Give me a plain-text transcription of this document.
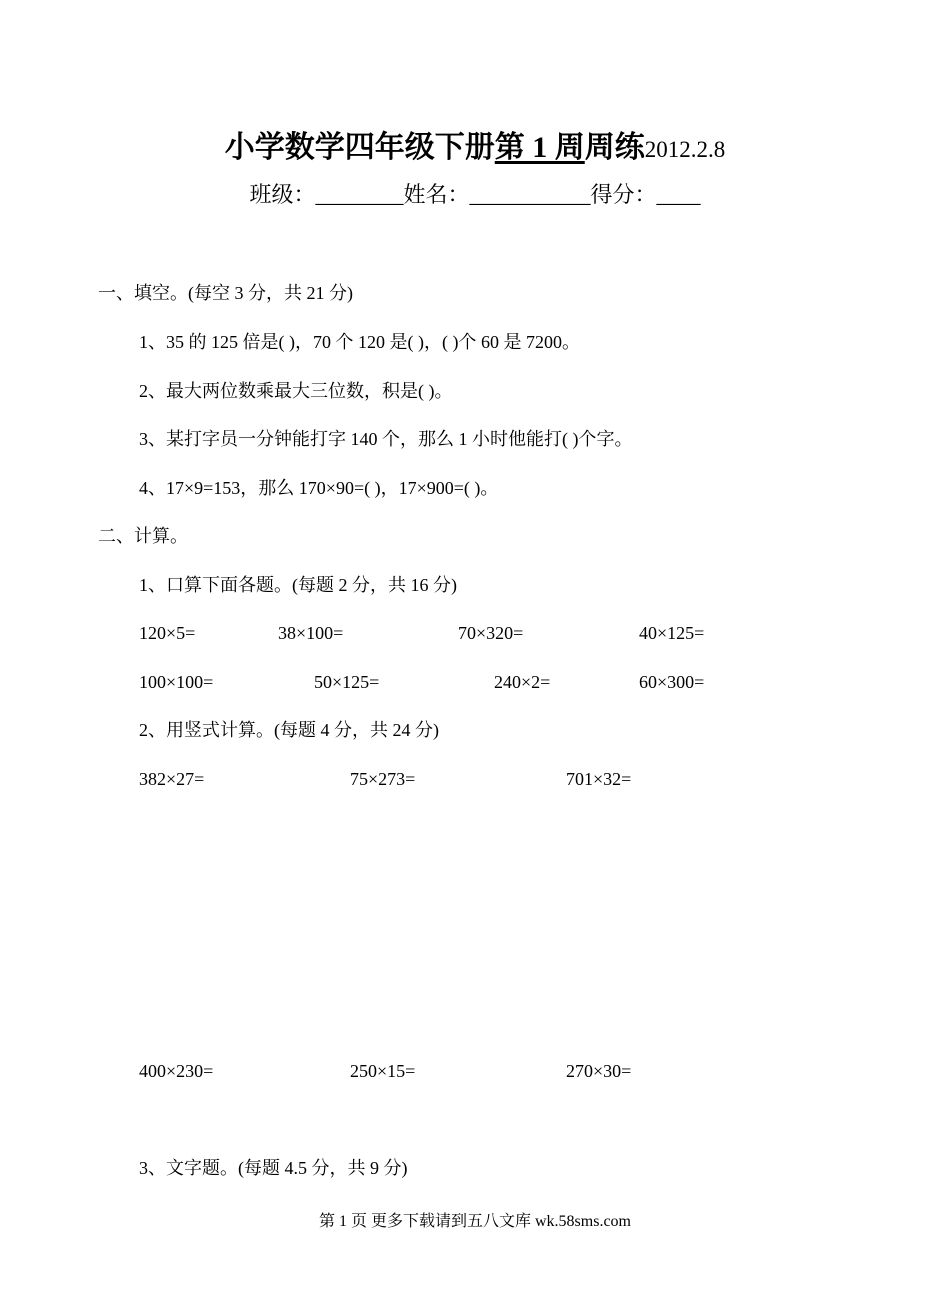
小学数学四年级下册第 1 周周练2012.2.8
班级：________姓名：___________得分：____
一、填空。(每空 3 分，共 21 分)
1、35 的 125 倍是( )，70 个 120 是( )，( )个 60 是 7200。
2、最大两位数乘最大三位数，积是( )。
3、某打字员一分钟能打字 140 个，那么 1 小时他能打( )个字。
4、17×9=153，那么 170×90=( )，17×900=( )。
二、计算。
1、口算下面各题。(每题 2 分，共 16 分)
120×5=	38×100=	70×320=	40×125=
100×100=	50×125=	240×2=	60×300=
2、用竖式计算。(每题 4 分，共 24 分)
382×27=	75×273=	701×32=
400×230=	250×15=	270×30=
3、文字题。(每题 4.5 分，共 9 分)
第 1 页 更多下载请到五八文库 wk.58sms.com
